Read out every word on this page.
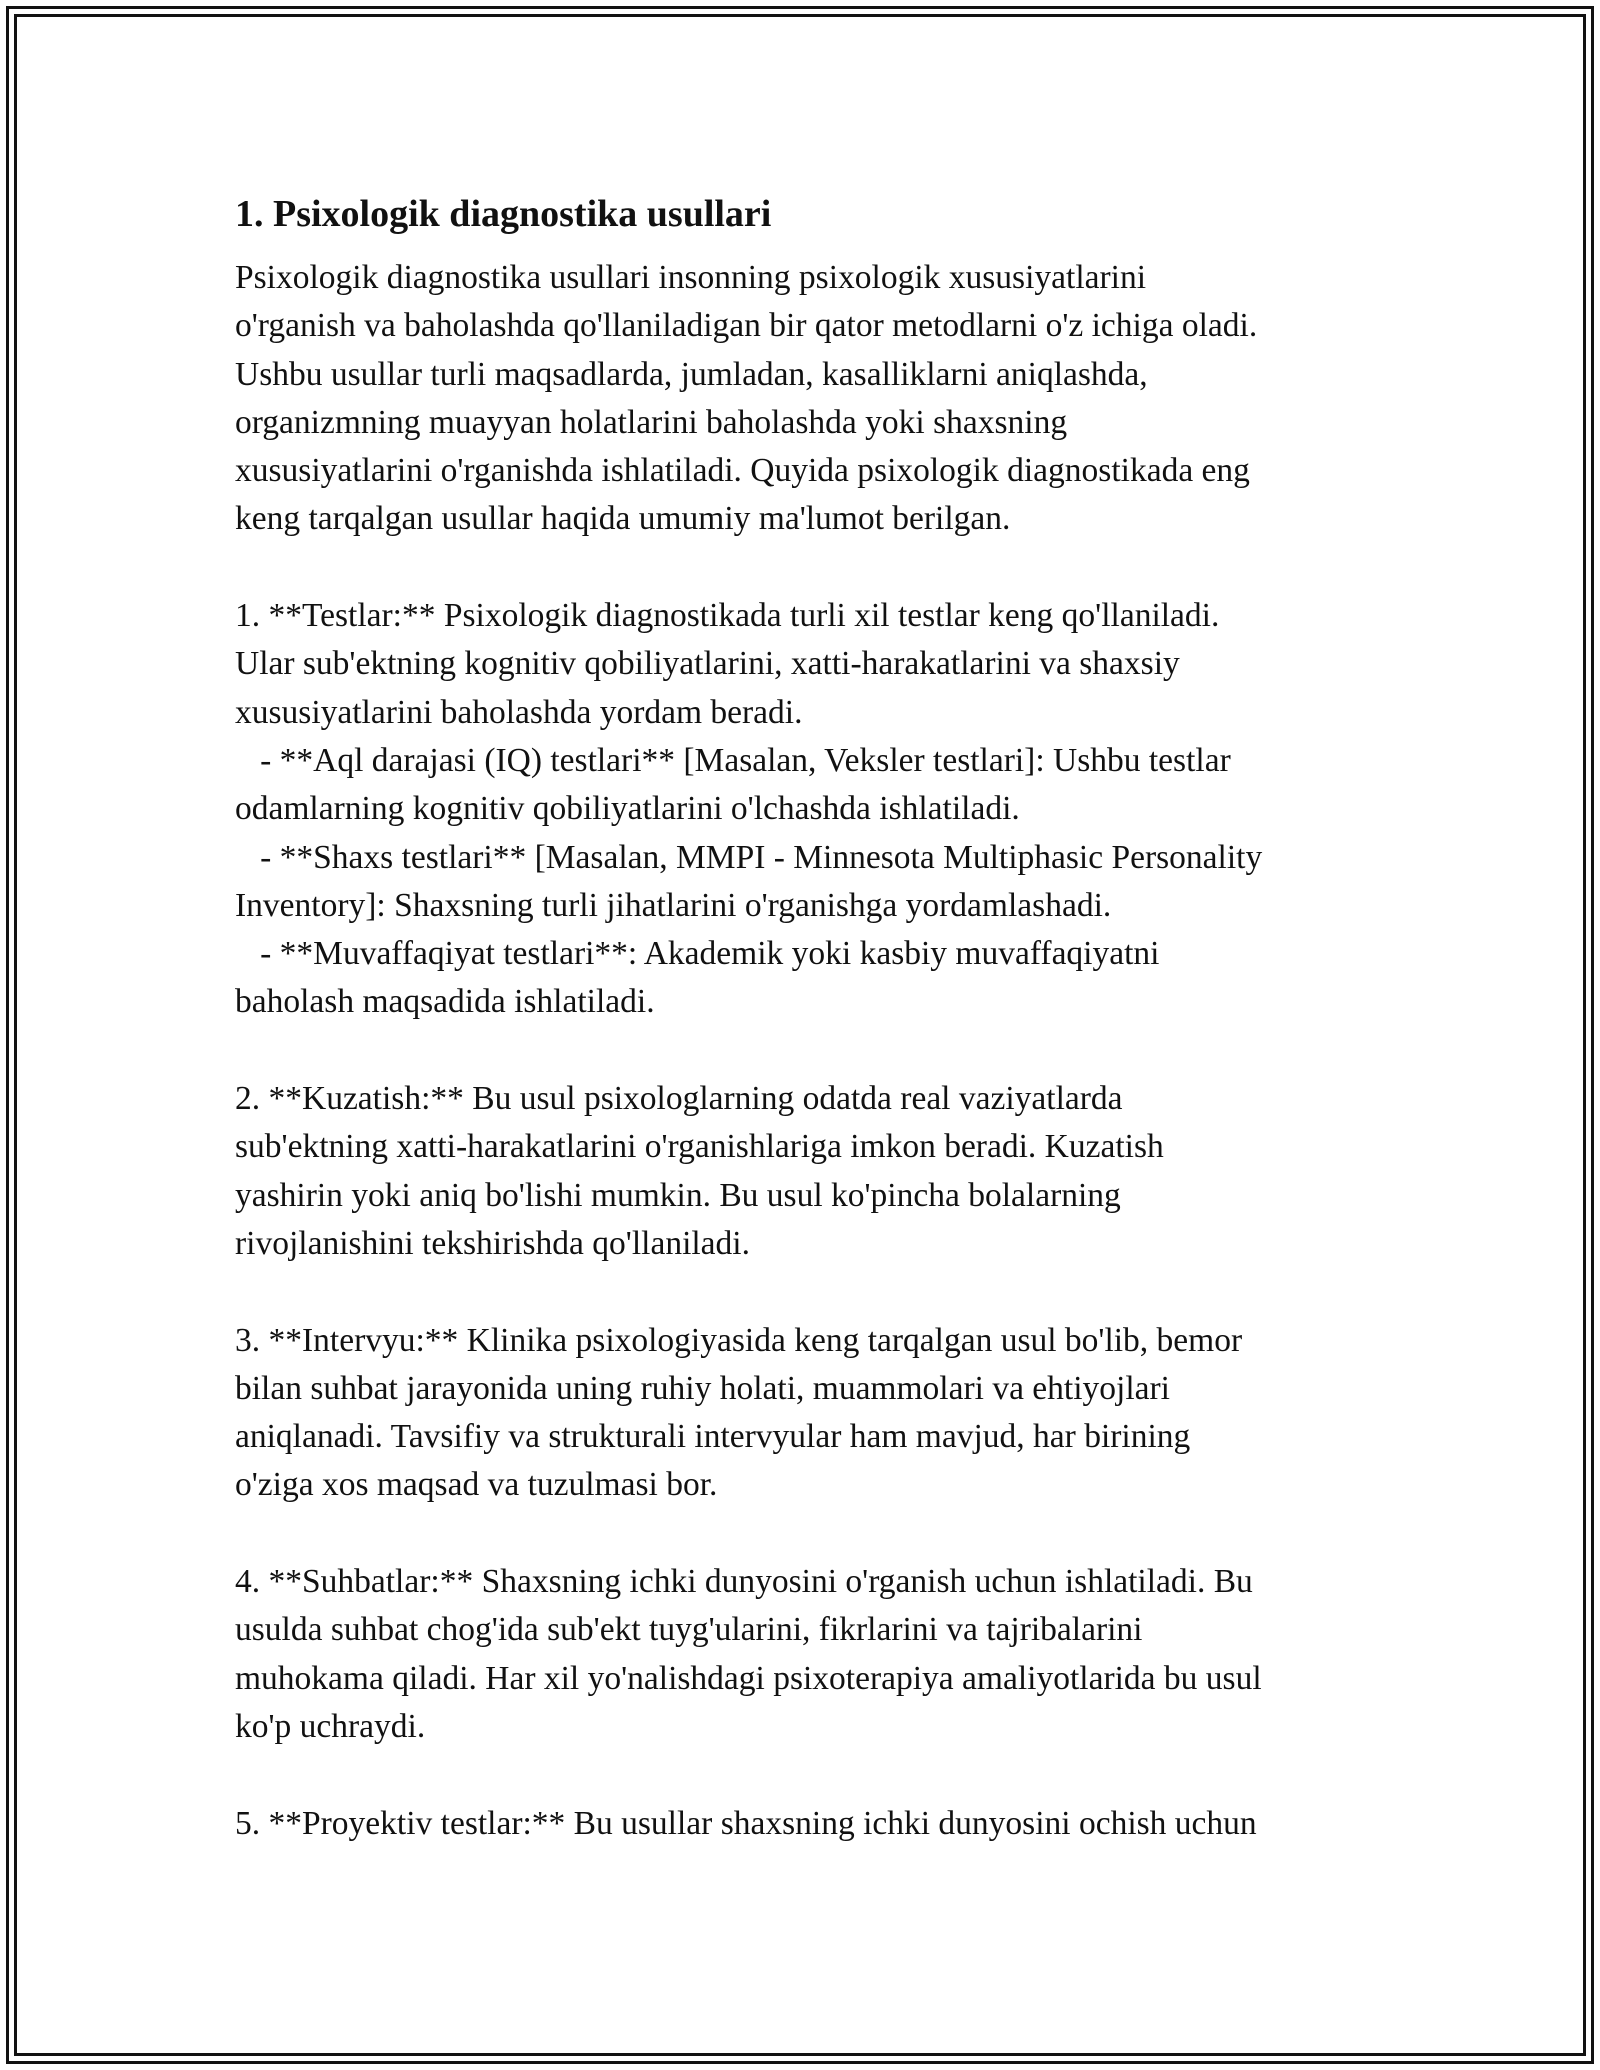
1. Psixologik diagnostika usullari
Psixologik diagnostika usullari insonning psixologik xususiyatlarini
o'rganish va baholashda qo'llaniladigan bir qator metodlarni o'z ichiga oladi.
Ushbu usullar turli maqsadlarda, jumladan, kasalliklarni aniqlashda,
organizmning muayyan holatlarini baholashda yoki shaxsning
xususiyatlarini o'rganishda ishlatiladi. Quyida psixologik diagnostikada eng
keng tarqalgan usullar haqida umumiy ma'lumot berilgan.
1. **Testlar:** Psixologik diagnostikada turli xil testlar keng qo'llaniladi.
Ular sub'ektning kognitiv qobiliyatlarini, xatti-harakatlarini va shaxsiy
xususiyatlarini baholashda yordam beradi.
- **Aql darajasi (IQ) testlari** [Masalan, Veksler testlari]: Ushbu testlar
odamlarning kognitiv qobiliyatlarini o'lchashda ishlatiladi.
- **Shaxs testlari** [Masalan, MMPI - Minnesota Multiphasic Personality
Inventory]: Shaxsning turli jihatlarini o'rganishga yordamlashadi.
- **Muvaffaqiyat testlari**: Akademik yoki kasbiy muvaffaqiyatni
baholash maqsadida ishlatiladi.
2. **Kuzatish:** Bu usul psixologlarning odatda real vaziyatlarda
sub'ektning xatti-harakatlarini o'rganishlariga imkon beradi. Kuzatish
yashirin yoki aniq bo'lishi mumkin. Bu usul ko'pincha bolalarning
rivojlanishini tekshirishda qo'llaniladi.
3. **Intervyu:** Klinika psixologiyasida keng tarqalgan usul bo'lib, bemor
bilan suhbat jarayonida uning ruhiy holati, muammolari va ehtiyojlari
aniqlanadi. Tavsifiy va strukturali intervyular ham mavjud, har birining
o'ziga xos maqsad va tuzulmasi bor.
4. **Suhbatlar:** Shaxsning ichki dunyosini o'rganish uchun ishlatiladi. Bu
usulda suhbat chog'ida sub'ekt tuyg'ularini, fikrlarini va tajribalarini
muhokama qiladi. Har xil yo'nalishdagi psixoterapiya amaliyotlarida bu usul
ko'p uchraydi.
5. **Proyektiv testlar:** Bu usullar shaxsning ichki dunyosini ochish uchun
